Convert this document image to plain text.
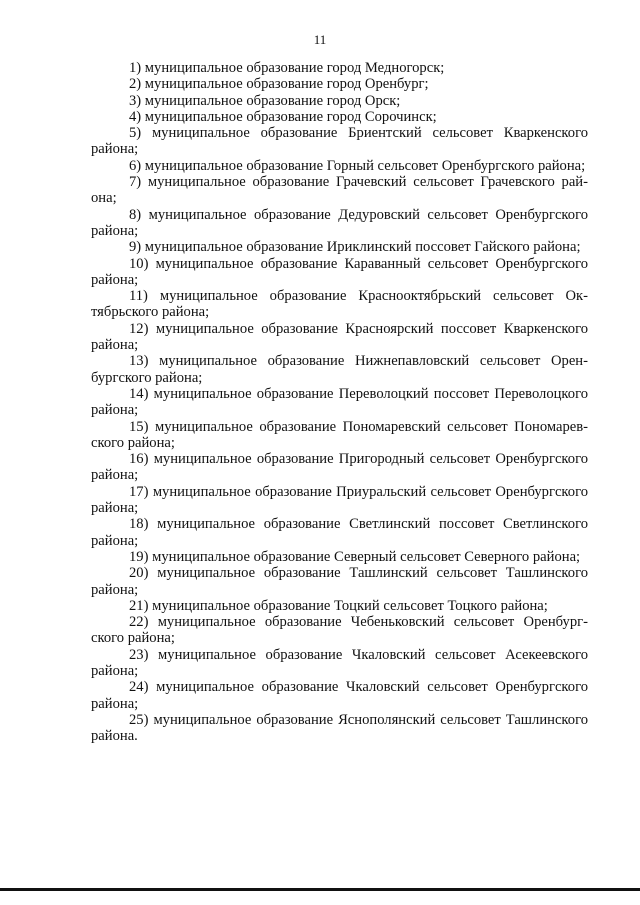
11
1) муниципальное образование город Медногорск;
2) муниципальное образование город Оренбург;
3) муниципальное образование город Орск;
4) муниципальное образование город Сорочинск;
5) муниципальное образование Бриентский сельсовет Кваркенского района;
6) муниципальное образование Горный сельсовет Оренбургского района;
7) муниципальное образование Грачевский сельсовет Грачевского района;
8) муниципальное образование Дедуровский сельсовет Оренбургского района;
9) муниципальное образование Ириклинский поссовет Гайского района;
10) муниципальное образование Караванный сельсовет Оренбургского района;
11) муниципальное образование Краснооктябрьский сельсовет Октябрьского района;
12) муниципальное образование Красноярский поссовет Кваркенского района;
13) муниципальное образование Нижнепавловский сельсовет Оренбургского района;
14) муниципальное образование Переволоцкий поссовет Переволоцкого района;
15) муниципальное образование Пономаревский сельсовет Пономаревского района;
16) муниципальное образование Пригородный сельсовет Оренбургского района;
17) муниципальное образование Приуральский сельсовет Оренбургского района;
18) муниципальное образование Светлинский поссовет Светлинского района;
19) муниципальное образование Северный сельсовет Северного района;
20) муниципальное образование Ташлинский сельсовет Ташлинского района;
21) муниципальное образование Тоцкий сельсовет Тоцкого района;
22) муниципальное образование Чебеньковский сельсовет Оренбургского района;
23) муниципальное образование Чкаловский сельсовет Асекеевского района;
24) муниципальное образование Чкаловский сельсовет Оренбургского района;
25) муниципальное образование Яснополянский сельсовет Ташлинского района.
